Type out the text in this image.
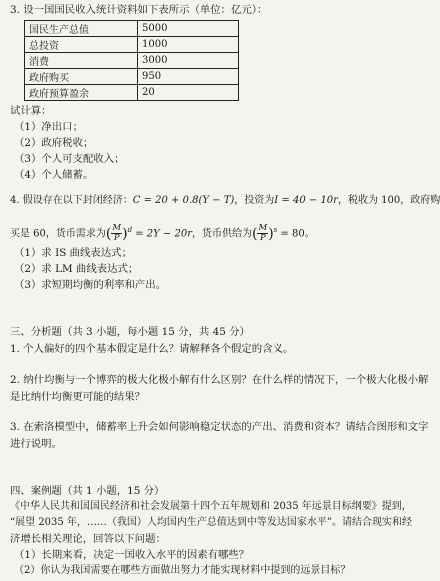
3. 设一国国民收入统计资料如下表所示（单位：亿元）：
国民生产总值	5000
总投资	1000
消费	3000
政府购买	950
政府预算盈余	20
试计算：
（1）净出口；
（2）政府税收；
（3）个人可支配收入；
（4）个人储蓄。
4. 假设存在以下封闭经济：C = 20 + 0.8(Y − T)，投资为I = 40 − 10r，税收为 100，政府购
买是 60，货币需求为( $\frac{M}{P} )^d = 2Y - 20r$，货币供给为( $\frac{M}{P} )^s = 80$。
（1）求 IS 曲线表达式；
（2）求 LM 曲线表达式；
（3）求短期均衡的利率和产出。
三、分析题（共 3 小题，每小题 15 分，共 45 分）
1. 个人偏好的四个基本假定是什么？请解释各个假定的含义。
2. 纳什均衡与一个博弈的极大化极小解有什么区别？在什么样的情况下，一个极大化极小解
是比纳什均衡更可能的结果？
3. 在索洛模型中，储蓄率上升会如何影响稳定状态的产出、消费和资本？请结合图形和文字
进行说明。
四、案例题（共 1 小题，15 分）
《中华人民共和国国民经济和社会发展第十四个五年规划和 2035 年远景目标纲要》提到，
“展望 2035 年，……（我国）人均国内生产总值达到中等发达国家水平”。请结合现实和经
济增长相关理论，回答以下问题：
（1）长期来看，决定一国收入水平的因素有哪些？
（2）你认为我国需要在哪些方面做出努力才能实现材料中提到的远景目标？
